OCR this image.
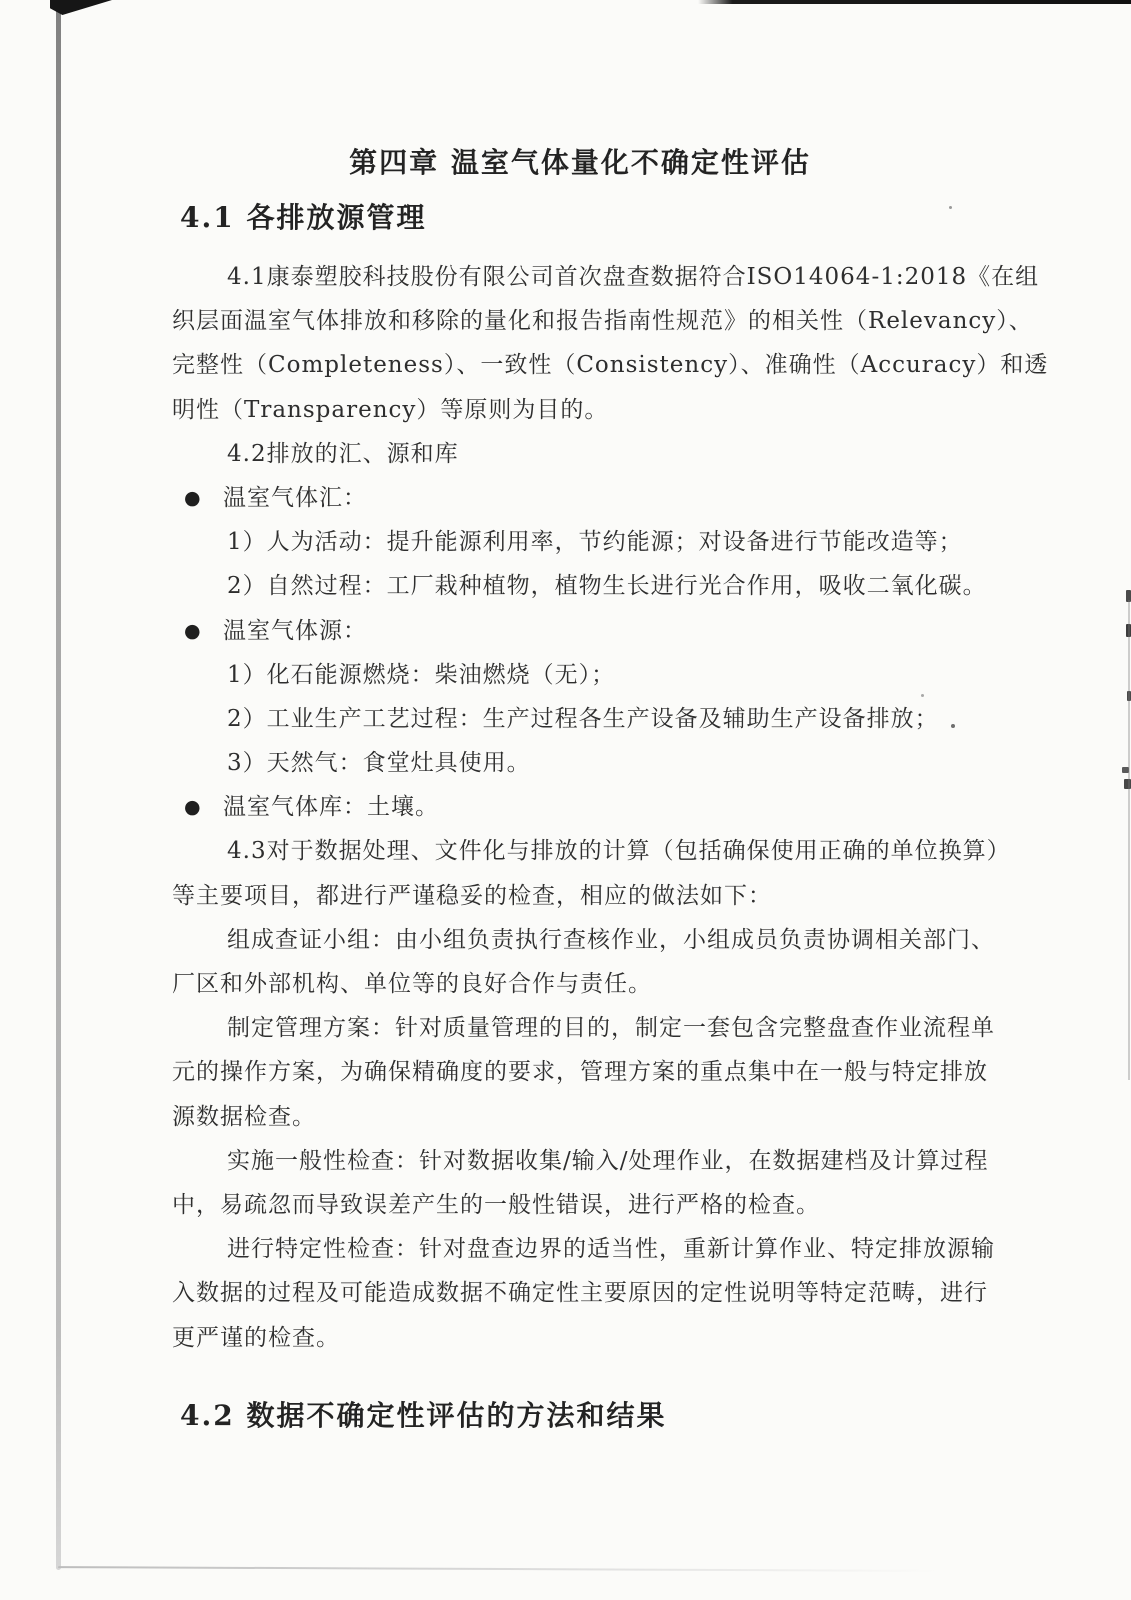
第四章 温室气体量化不确定性评估
4.1 各排放源管理
4.1康泰塑胶科技股份有限公司首次盘查数据符合ISO14064-1:2018《在组
织层面温室气体排放和移除的量化和报告指南性规范》的相关性（Relevancy）、
完整性（Completeness）、一致性（Consistency）、准确性（Accuracy）和透
明性（Transparency）等原则为目的。
4.2排放的汇、源和库
● 温室气体汇：
1）人为活动：提升能源利用率，节约能源；对设备进行节能改造等；
2）自然过程：工厂栽种植物，植物生长进行光合作用，吸收二氧化碳。
● 温室气体源：
1）化石能源燃烧：柴油燃烧（无）；
2）工业生产工艺过程：生产过程各生产设备及辅助生产设备排放；
3）天然气：食堂灶具使用。
● 温室气体库：土壤。
4.3对于数据处理、文件化与排放的计算（包括确保使用正确的单位换算）
等主要项目，都进行严谨稳妥的检查，相应的做法如下：
组成查证小组：由小组负责执行查核作业，小组成员负责协调相关部门、
厂区和外部机构、单位等的良好合作与责任。
制定管理方案：针对质量管理的目的，制定一套包含完整盘查作业流程单
元的操作方案，为确保精确度的要求，管理方案的重点集中在一般与特定排放
源数据检查。
实施一般性检查：针对数据收集/输入/处理作业，在数据建档及计算过程
中，易疏忽而导致误差产生的一般性错误，进行严格的检查。
进行特定性检查：针对盘查边界的适当性，重新计算作业、特定排放源输
入数据的过程及可能造成数据不确定性主要原因的定性说明等特定范畴，进行
更严谨的检查。
4.2 数据不确定性评估的方法和结果
